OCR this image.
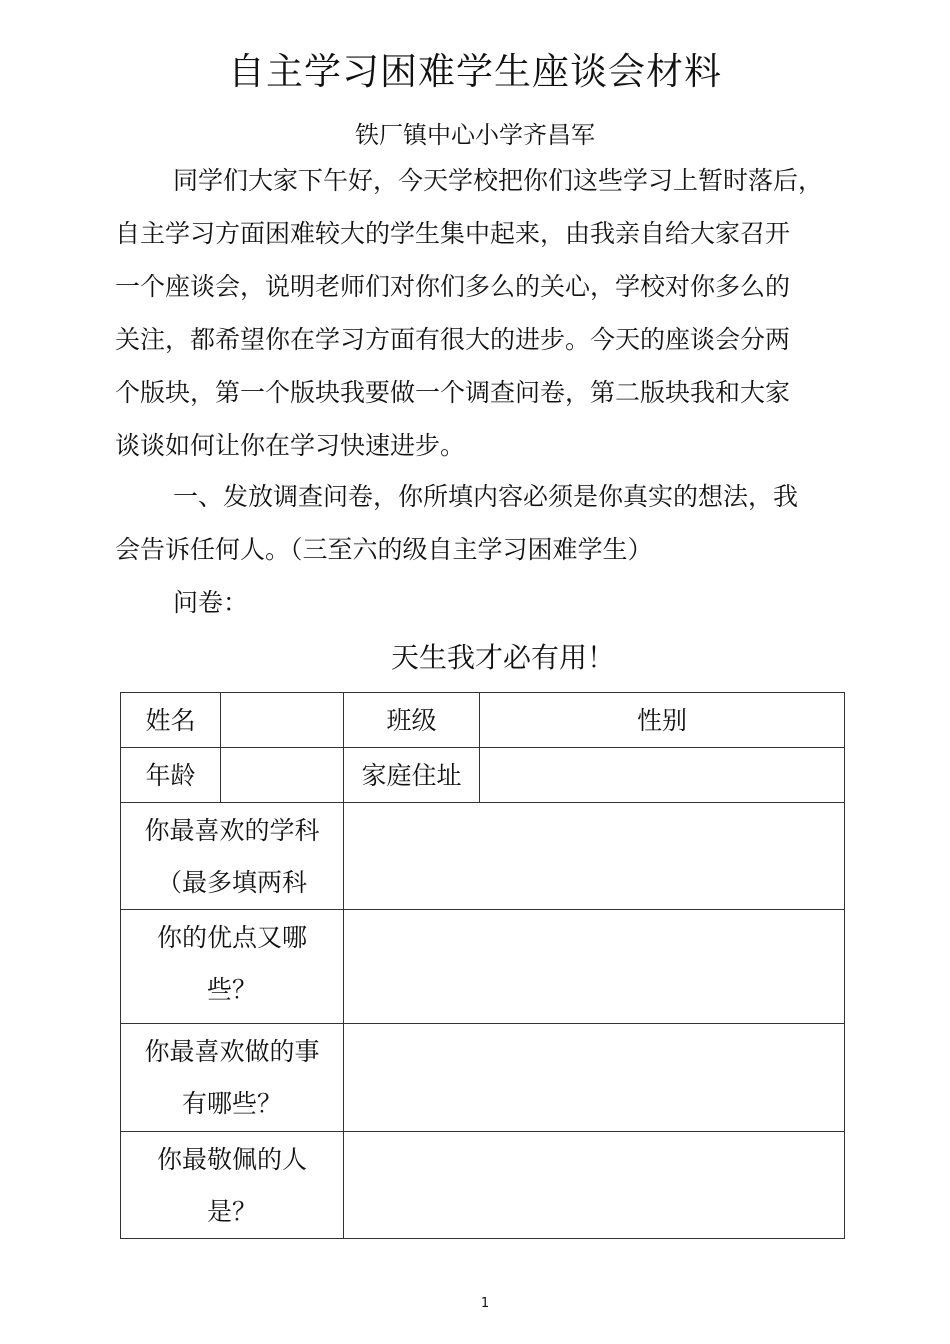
自主学习困难学生座谈会材料
铁厂镇中心小学齐昌军

同学们大家下午好，今天学校把你们这些学习上暂时落后，
自主学习方面困难较大的学生集中起来，由我亲自给大家召开
一个座谈会，说明老师们对你们多么的关心，学校对你多么的
关注，都希望你在学习方面有很大的进步。今天的座谈会分两
个版块，第一个版块我要做一个调查问卷，第二版块我和大家
谈谈如何让你在学习快速进步。

一、发放调查问卷，你所填内容必须是你真实的想法，我
会告诉任何人。（三至六的级自主学习困难学生）

问卷：

天生我才必有用！
姓名		班级	性别

年龄		家庭住址	

你最喜欢的学科
（最多填两科			

你的优点又哪
些？			

你最喜欢做的事
有哪些？			

你最敬佩的人
是？			

1
